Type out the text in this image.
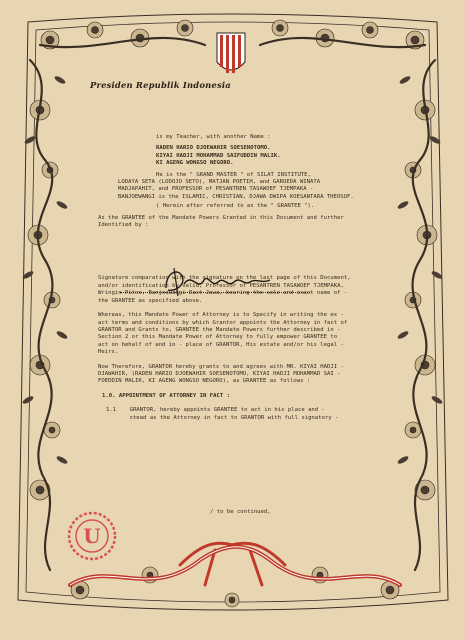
Presiden Republik Indonesia
is my Teacher, with another Name :
RADEN HARIO DJOEWAHIR SOESENOTOMO.
KIYAI HADJI MOHAMMAD SAIFUDDIN MALIK.
KI AGENG WONGSO NEGORO.
He is the " GRAND MASTER " of SILAT INSTITUTE,
LODAYA SETA (LODOJO SETO), MATJAN POETIH, and GAROEDA WINATA
MADJAPAHIT, and PROFESSOR of PESANTREN TASAWOEF TJEMPAKA -
BANJOEWANGI is the ISLAMIC, CHRISTIAN, DJAWA DWIPA KOESANTARA THEOSOF.
( Herein after referred to as the " GRANTEE ").
As the GRANTEE of the Mandate Powers Granted in this Document and further
Identified by :
Signature comparation with the signature on the last page of this Document,
and/or identification by valid, Professor of PESANTREN TASAWOEF TJEMPAKA,
Wringin Pitoe, Banjoewangi East Jawa, bearing the sole and exact name of -
the GRANTEE as specified above.
Whereas, this Mandate Power of Attorney is to Specify in writing the ex -
act terms and conditions by which Grantor appoints the Attorney in fact of
GRANTOR and Grants to, GRANTEE the Mandate Powers further described in -
Section 2 or this Mandate Power of Attorney to fully empower GRANTEE to
act on behalf of and in - place of GRANTOR, His estate and/or his legal -
Heirs.
Now Therefore, GRANTOR hereby grants to and agrees with MR. KIYAI HADJI -
DJAWAHIR, (RADEN HARIO DJOEWAHIR SOESENOTOMO, KIYAI HADJI MOHAMMAD SAI -
FOEDDIN MALIK, KI AGENG WONGSO NEGORO), as GRANTEE as follows :
1.0. APPOINTMENT OF ATTORNEY IN FACT :
1.1    GRANTOR, hereby appoints GRANTEE to act in his place and -
stead as the Attorney in fact to GRANTOR with full signatory -
/ to be continued,
U
